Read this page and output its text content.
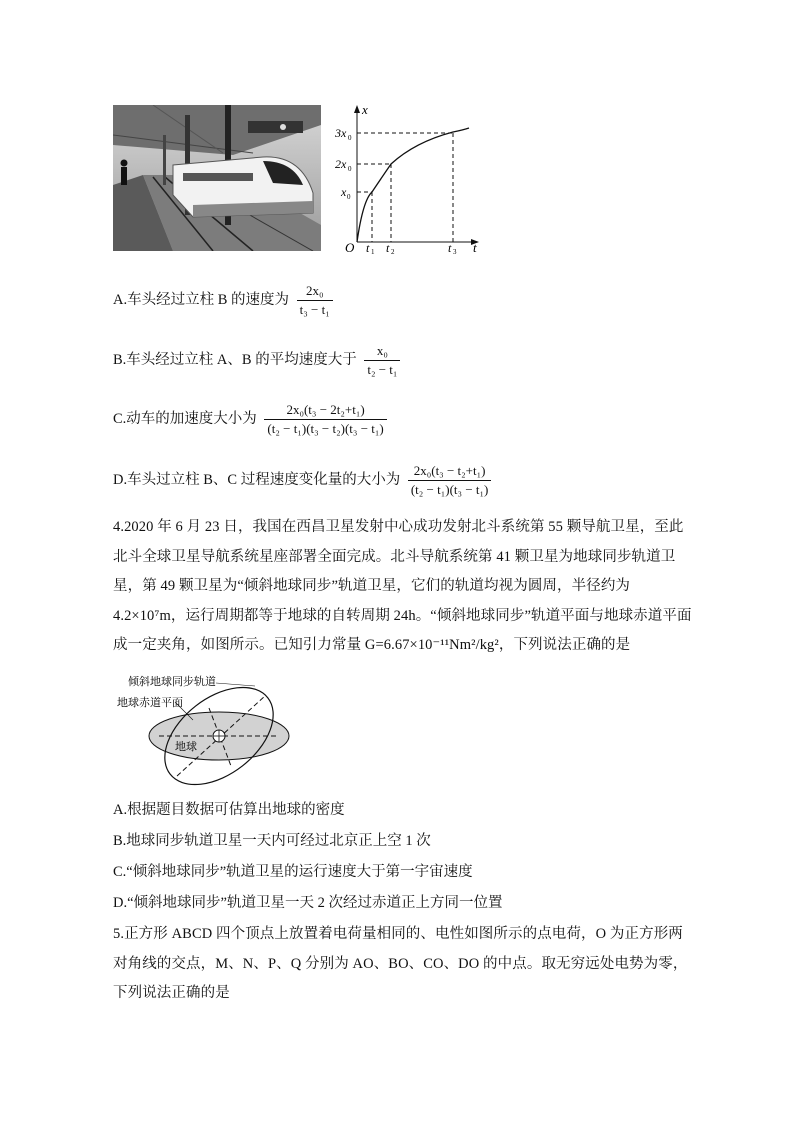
x
t
O
3x 0
2x 0
x 0
t 1 t 2	t 3
A.车头经过立柱 B 的速度为 $\frac{\text{2x₀}}{\text{t₃ − t₁}}$
B.车头经过立柱 A、B 的平均速度大于 $\frac{\text{x₀}}{\text{t₂ − t₁}}$
C.动车的加速度大小为 $\frac{\text{2x₀(t₃ − 2t₂+t₁)}}{\text{(t₂ − t₁)(t₃ − t₂)(t₃ − t₁)}}$
D.车头过立柱 B、C 过程速度变化量的大小为 $\frac{\text{2x₀(t₃ − t₂+t₁)}}{\text{(t₂ − t₁)(t₃ − t₁)}}$
4.2020 年 6 月 23 日，我国在西昌卫星发射中心成功发射北斗系统第 55 颗导航卫星，至此北斗全球卫星导航系统星座部署全面完成。北斗导航系统第 41 颗卫星为地球同步轨道卫星，第 49 颗卫星为“倾斜地球同步”轨道卫星，它们的轨道均视为圆周，半径约为 4.2×10⁷m，运行周期都等于地球的自转周期 24h。“倾斜地球同步”轨道平面与地球赤道平面成一定夹角，如图所示。已知引力常量 G=6.67×10⁻¹¹Nm²/kg²，下列说法正确的是
倾斜地球同步轨道
地球赤道平面
地球
A.根据题目数据可估算出地球的密度
B.地球同步轨道卫星一天内可经过北京正上空 1 次
C.“倾斜地球同步”轨道卫星的运行速度大于第一宇宙速度
D.“倾斜地球同步”轨道卫星一天 2 次经过赤道正上方同一位置
5.正方形 ABCD 四个顶点上放置着电荷量相同的、电性如图所示的点电荷，O 为正方形两对角线的交点，M、N、P、Q 分别为 AO、BO、CO、DO 的中点。取无穷远处电势为零，下列说法正确的是
